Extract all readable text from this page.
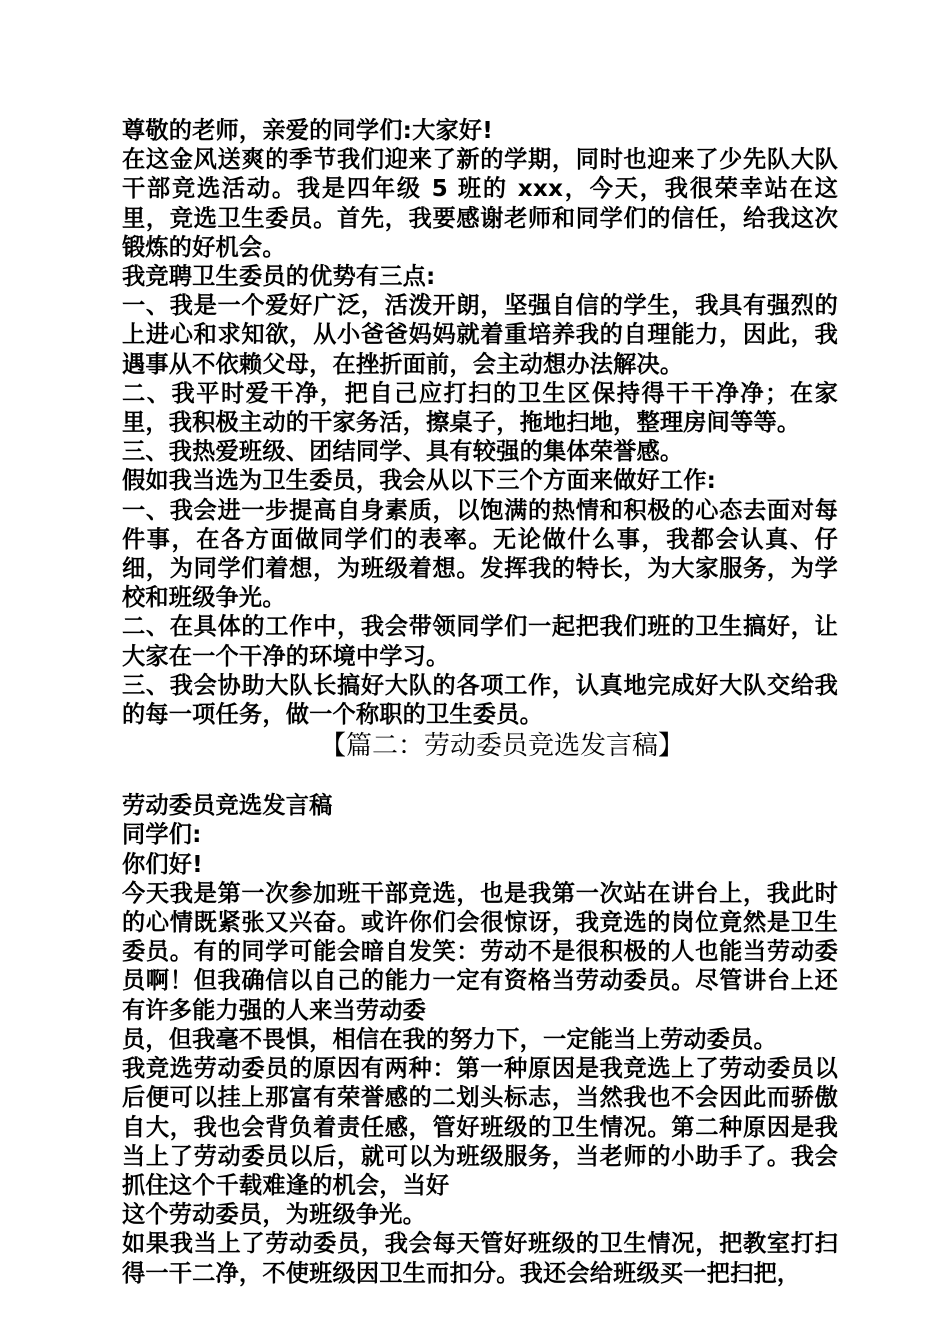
尊敬的老师，亲爱的同学们:大家好!

在这金风送爽的季节我们迎来了新的学期，同时也迎来了少先队大队干部竞选活动。我是四年级 5 班的 xxx，今天，我很荣幸站在这里，竞选卫生委员。首先，我要感谢老师和同学们的信任，给我这次锻炼的好机会。

我竞聘卫生委员的优势有三点:

一、我是一个爱好广泛，活泼开朗，坚强自信的学生，我具有强烈的上进心和求知欲，从小爸爸妈妈就着重培养我的自理能力，因此，我遇事从不依赖父母，在挫折面前，会主动想办法解决。

二、我平时爱干净，把自己应打扫的卫生区保持得干干净净；在家里，我积极主动的干家务活，擦桌子，拖地扫地，整理房间等等。

三、我热爱班级、团结同学、具有较强的集体荣誉感。

假如我当选为卫生委员，我会从以下三个方面来做好工作:

一、我会进一步提高自身素质，以饱满的热情和积极的心态去面对每件事，在各方面做同学们的表率。无论做什么事，我都会认真、仔细，为同学们着想，为班级着想。发挥我的特长，为大家服务，为学校和班级争光。

二、在具体的工作中，我会带领同学们一起把我们班的卫生搞好，让大家在一个干净的环境中学习。

三、我会协助大队长搞好大队的各项工作，认真地完成好大队交给我的每一项任务，做一个称职的卫生委员。

【篇二：劳动委员竞选发言稿】

劳动委员竞选发言稿

同学们:

你们好!

今天我是第一次参加班干部竞选，也是我第一次站在讲台上，我此时的心情既紧张又兴奋。或许你们会很惊讶，我竞选的岗位竟然是卫生委员。有的同学可能会暗自发笑：劳动不是很积极的人也能当劳动委员啊！但我确信以自己的能力一定有资格当劳动委员。尽管讲台上还有许多能力强的人来当劳动委

员，但我毫不畏惧，相信在我的努力下，一定能当上劳动委员。

我竞选劳动委员的原因有两种：第一种原因是我竞选上了劳动委员以后便可以挂上那富有荣誉感的二划头标志，当然我也不会因此而骄傲自大，我也会背负着责任感，管好班级的卫生情况。第二种原因是我当上了劳动委员以后，就可以为班级服务，当老师的小助手了。我会抓住这个千载难逢的机会，当好

这个劳动委员，为班级争光。

如果我当上了劳动委员，我会每天管好班级的卫生情况，把教室打扫得一干二净，不使班级因卫生而扣分。我还会给班级买一把扫把，
